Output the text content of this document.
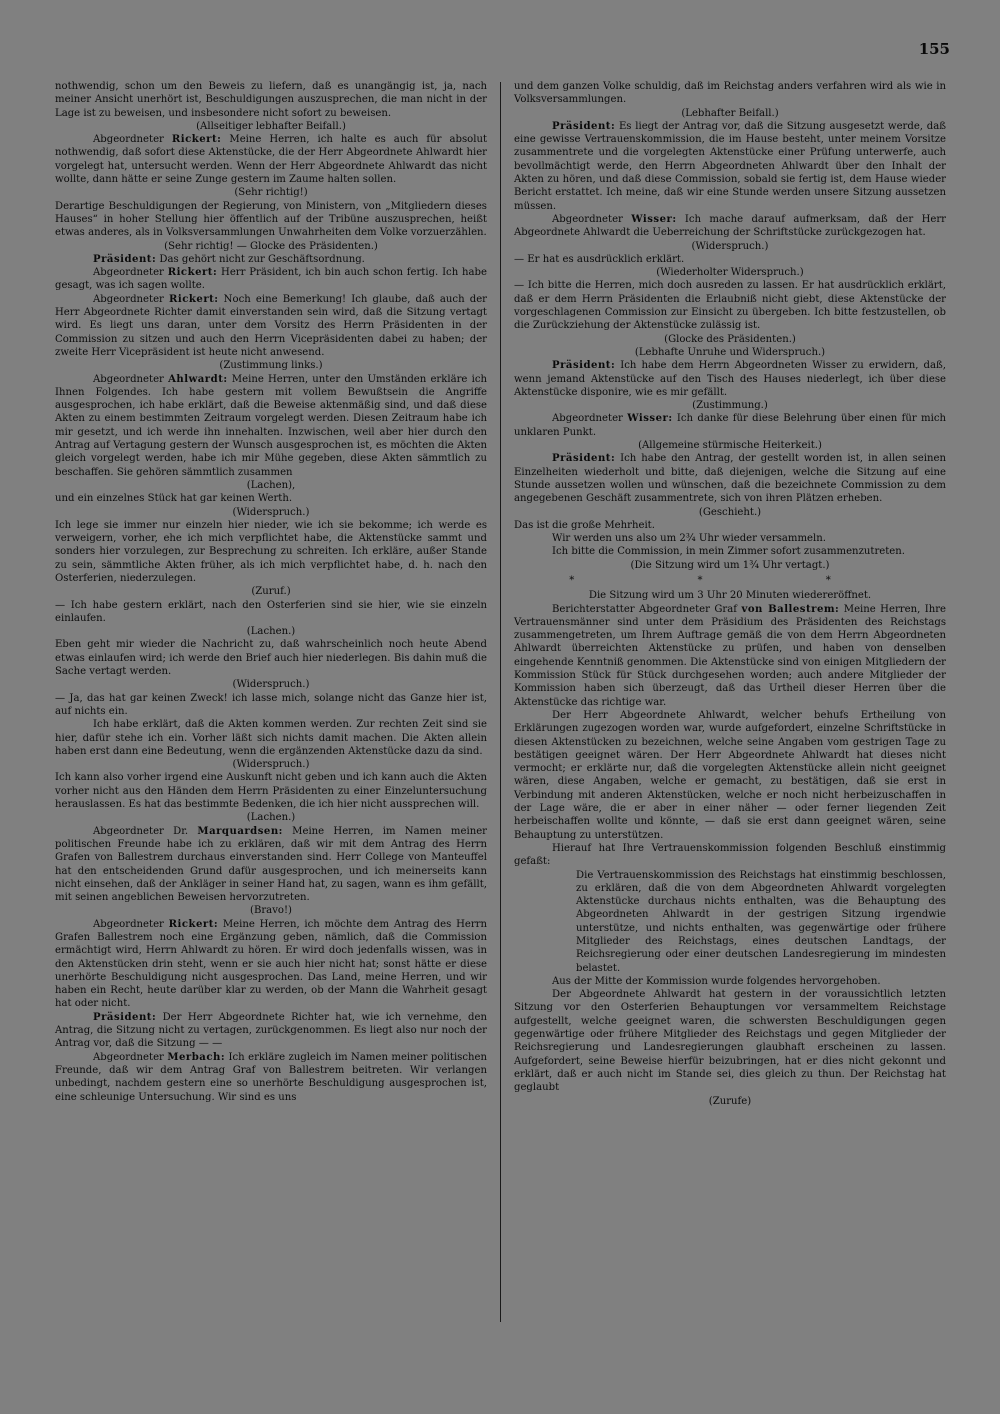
155
nothwendig, schon um den Beweis zu liefern, daß es unangängig ist, ja, nach meiner Ansicht unerhört ist, Beschuldigungen auszusprechen, die man nicht in der Lage ist zu beweisen, und insbesondere nicht sofort zu beweisen.
(Allseitiger lebhafter Beifall.)
Abgeordneter Rickert: Meine Herren, ich halte es auch für absolut nothwendig, daß sofort diese Aktenstücke, die der Herr Abgeordnete Ahlwardt hier vorgelegt hat, untersucht werden. Wenn der Herr Abgeordnete Ahlwardt das nicht wollte, dann hätte er seine Zunge gestern im Zaume halten sollen.
(Sehr richtig!)
Derartige Beschuldigungen der Regierung, von Ministern, von „Mitgliedern dieses Hauses“ in hoher Stellung hier öffentlich auf der Tribüne auszusprechen, heißt etwas anderes, als in Volksversammlungen Unwahrheiten dem Volke vorzuerzählen.
(Sehr richtig! — Glocke des Präsidenten.)
Präsident: Das gehört nicht zur Geschäftsordnung.
Abgeordneter Rickert: Herr Präsident, ich bin auch schon fertig. Ich habe gesagt, was ich sagen wollte.
Abgeordneter Rickert: Noch eine Bemerkung! Ich glaube, daß auch der Herr Abgeordnete Richter damit einverstanden sein wird, daß die Sitzung vertagt wird. Es liegt uns daran, unter dem Vorsitz des Herrn Präsidenten in der Commission zu sitzen und auch den Herrn Vicepräsidenten dabei zu haben; der zweite Herr Vicepräsident ist heute nicht anwesend.
(Zustimmung links.)
Abgeordneter Ahlwardt: Meine Herren, unter den Umständen erkläre ich Ihnen Folgendes. Ich habe gestern mit vollem Bewußtsein die Angriffe ausgesprochen, ich habe erklärt, daß die Beweise aktenmäßig sind, und daß diese Akten zu einem bestimmten Zeitraum vorgelegt werden. Diesen Zeitraum habe ich mir gesetzt, und ich werde ihn innehalten. Inzwischen, weil aber hier durch den Antrag auf Vertagung gestern der Wunsch ausgesprochen ist, es möchten die Akten gleich vorgelegt werden, habe ich mir Mühe gegeben, diese Akten sämmtlich zu beschaffen. Sie gehören sämmtlich zusammen
(Lachen),
und ein einzelnes Stück hat gar keinen Werth.
(Widerspruch.)
Ich lege sie immer nur einzeln hier nieder, wie ich sie bekomme; ich werde es verweigern, vorher, ehe ich mich verpflichtet habe, die Aktenstücke sammt und sonders hier vorzulegen, zur Besprechung zu schreiten. Ich erkläre, außer Stande zu sein, sämmtliche Akten früher, als ich mich verpflichtet habe, d. h. nach den Osterferien, niederzulegen.
(Zuruf.)
— Ich habe gestern erklärt, nach den Osterferien sind sie hier, wie sie einzeln einlaufen.
(Lachen.)
Eben geht mir wieder die Nachricht zu, daß wahrscheinlich noch heute Abend etwas einlaufen wird; ich werde den Brief auch hier niederlegen. Bis dahin muß die Sache vertagt werden.
(Widerspruch.)
— Ja, das hat gar keinen Zweck! ich lasse mich, solange nicht das Ganze hier ist, auf nichts ein.
Ich habe erklärt, daß die Akten kommen werden. Zur rechten Zeit sind sie hier, dafür stehe ich ein. Vorher läßt sich nichts damit machen. Die Akten allein haben erst dann eine Bedeutung, wenn die ergänzenden Aktenstücke dazu da sind.
(Widerspruch.)
Ich kann also vorher irgend eine Auskunft nicht geben und ich kann auch die Akten vorher nicht aus den Händen dem Herrn Präsidenten zu einer Einzeluntersuchung herauslassen. Es hat das bestimmte Bedenken, die ich hier nicht aussprechen will.
(Lachen.)
Abgeordneter Dr. Marquardsen: Meine Herren, im Namen meiner politischen Freunde habe ich zu erklären, daß wir mit dem Antrag des Herrn Grafen von Ballestrem durchaus einverstanden sind. Herr College von Manteuffel hat den entscheidenden Grund dafür ausgesprochen, und ich meinerseits kann nicht einsehen, daß der Ankläger in seiner Hand hat, zu sagen, wann es ihm gefällt, mit seinen angeblichen Beweisen hervorzutreten.
(Bravo!)
Abgeordneter Rickert: Meine Herren, ich möchte dem Antrag des Herrn Grafen Ballestrem noch eine Ergänzung geben, nämlich, daß die Commission ermächtigt wird, Herrn Ahlwardt zu hören. Er wird doch jedenfalls wissen, was in den Aktenstücken drin steht, wenn er sie auch hier nicht hat; sonst hätte er diese unerhörte Beschuldigung nicht ausgesprochen. Das Land, meine Herren, und wir haben ein Recht, heute darüber klar zu werden, ob der Mann die Wahrheit gesagt hat oder nicht.
Präsident: Der Herr Abgeordnete Richter hat, wie ich vernehme, den Antrag, die Sitzung nicht zu vertagen, zurückgenommen. Es liegt also nur noch der Antrag vor, daß die Sitzung — —
Abgeordneter Merbach: Ich erkläre zugleich im Namen meiner politischen Freunde, daß wir dem Antrag Graf von Ballestrem beitreten. Wir verlangen unbedingt, nachdem gestern eine so unerhörte Beschuldigung ausgesprochen ist, eine schleunige Untersuchung. Wir sind es uns
und dem ganzen Volke schuldig, daß im Reichstag anders verfahren wird als wie in Volksversammlungen.
(Lebhafter Beifall.)
Präsident: Es liegt der Antrag vor, daß die Sitzung ausgesetzt werde, daß eine gewisse Vertrauenskommission, die im Hause besteht, unter meinem Vorsitze zusammentrete und die vorgelegten Aktenstücke einer Prüfung unterwerfe, auch bevollmächtigt werde, den Herrn Abgeordneten Ahlwardt über den Inhalt der Akten zu hören, und daß diese Commission, sobald sie fertig ist, dem Hause wieder Bericht erstattet. Ich meine, daß wir eine Stunde werden unsere Sitzung aussetzen müssen.
Abgeordneter Wisser: Ich mache darauf aufmerksam, daß der Herr Abgeordnete Ahlwardt die Ueberreichung der Schriftstücke zurückgezogen hat.
(Widerspruch.)
— Er hat es ausdrücklich erklärt.
(Wiederholter Widerspruch.)
— Ich bitte die Herren, mich doch ausreden zu lassen. Er hat ausdrücklich erklärt, daß er dem Herrn Präsidenten die Erlaubniß nicht giebt, diese Aktenstücke der vorgeschlagenen Commission zur Einsicht zu übergeben. Ich bitte festzustellen, ob die Zurückziehung der Aktenstücke zulässig ist.
(Glocke des Präsidenten.)
(Lebhafte Unruhe und Widerspruch.)
Präsident: Ich habe dem Herrn Abgeordneten Wisser zu erwidern, daß, wenn jemand Aktenstücke auf den Tisch des Hauses niederlegt, ich über diese Aktenstücke disponire, wie es mir gefällt.
(Zustimmung.)
Abgeordneter Wisser: Ich danke für diese Belehrung über einen für mich unklaren Punkt.
(Allgemeine stürmische Heiterkeit.)
Präsident: Ich habe den Antrag, der gestellt worden ist, in allen seinen Einzelheiten wiederholt und bitte, daß diejenigen, welche die Sitzung auf eine Stunde aussetzen wollen und wünschen, daß die bezeichnete Commission zu dem angegebenen Geschäft zusammentrete, sich von ihren Plätzen erheben.
(Geschieht.)
Das ist die große Mehrheit.
Wir werden uns also um 2¾ Uhr wieder versammeln.
Ich bitte die Commission, in mein Zimmer sofort zusammenzutreten.
(Die Sitzung wird um 1¾ Uhr vertagt.)
* * *
Die Sitzung wird um 3 Uhr 20 Minuten wiedereröffnet.
Berichterstatter Abgeordneter Graf von Ballestrem: Meine Herren, Ihre Vertrauensmänner sind unter dem Präsidium des Präsidenten des Reichstags zusammengetreten, um Ihrem Auftrage gemäß die von dem Herrn Abgeordneten Ahlwardt überreichten Aktenstücke zu prüfen, und haben von denselben eingehende Kenntniß genommen. Die Aktenstücke sind von einigen Mitgliedern der Kommission Stück für Stück durchgesehen worden; auch andere Mitglieder der Kommission haben sich überzeugt, daß das Urtheil dieser Herren über die Aktenstücke das richtige war.
Der Herr Abgeordnete Ahlwardt, welcher behufs Ertheilung von Erklärungen zugezogen worden war, wurde aufgefordert, einzelne Schriftstücke in diesen Aktenstücken zu bezeichnen, welche seine Angaben vom gestrigen Tage zu bestätigen geeignet wären. Der Herr Abgeordnete Ahlwardt hat dieses nicht vermocht; er erklärte nur, daß die vorgelegten Aktenstücke allein nicht geeignet wären, diese Angaben, welche er gemacht, zu bestätigen, daß sie erst in Verbindung mit anderen Aktenstücken, welche er noch nicht herbeizuschaffen in der Lage wäre, die er aber in einer näher — oder ferner liegenden Zeit herbeischaffen wollte und könnte, — daß sie erst dann geeignet wären, seine Behauptung zu unterstützen.
Hierauf hat Ihre Vertrauenskommission folgenden Beschluß einstimmig gefaßt:
Die Vertrauenskommission des Reichstags hat einstimmig beschlossen, zu erklären, daß die von dem Abgeordneten Ahlwardt vorgelegten Aktenstücke durchaus nichts enthalten, was die Behauptung des Abgeordneten Ahlwardt in der gestrigen Sitzung irgendwie unterstütze, und nichts enthalten, was gegenwärtige oder frühere Mitglieder des Reichstags, eines deutschen Landtags, der Reichsregierung oder einer deutschen Landesregierung im mindesten belastet.
Aus der Mitte der Kommission wurde folgendes hervorgehoben.
Der Abgeordnete Ahlwardt hat gestern in der voraussichtlich letzten Sitzung vor den Osterferien Behauptungen vor versammeltem Reichstage aufgestellt, welche geeignet waren, die schwersten Beschuldigungen gegen gegenwärtige oder frühere Mitglieder des Reichstags und gegen Mitglieder der Reichsregierung und Landesregierungen glaubhaft erscheinen zu lassen. Aufgefordert, seine Beweise hierfür beizubringen, hat er dies nicht gekonnt und erklärt, daß er auch nicht im Stande sei, dies gleich zu thun. Der Reichstag hat geglaubt
(Zurufe)
